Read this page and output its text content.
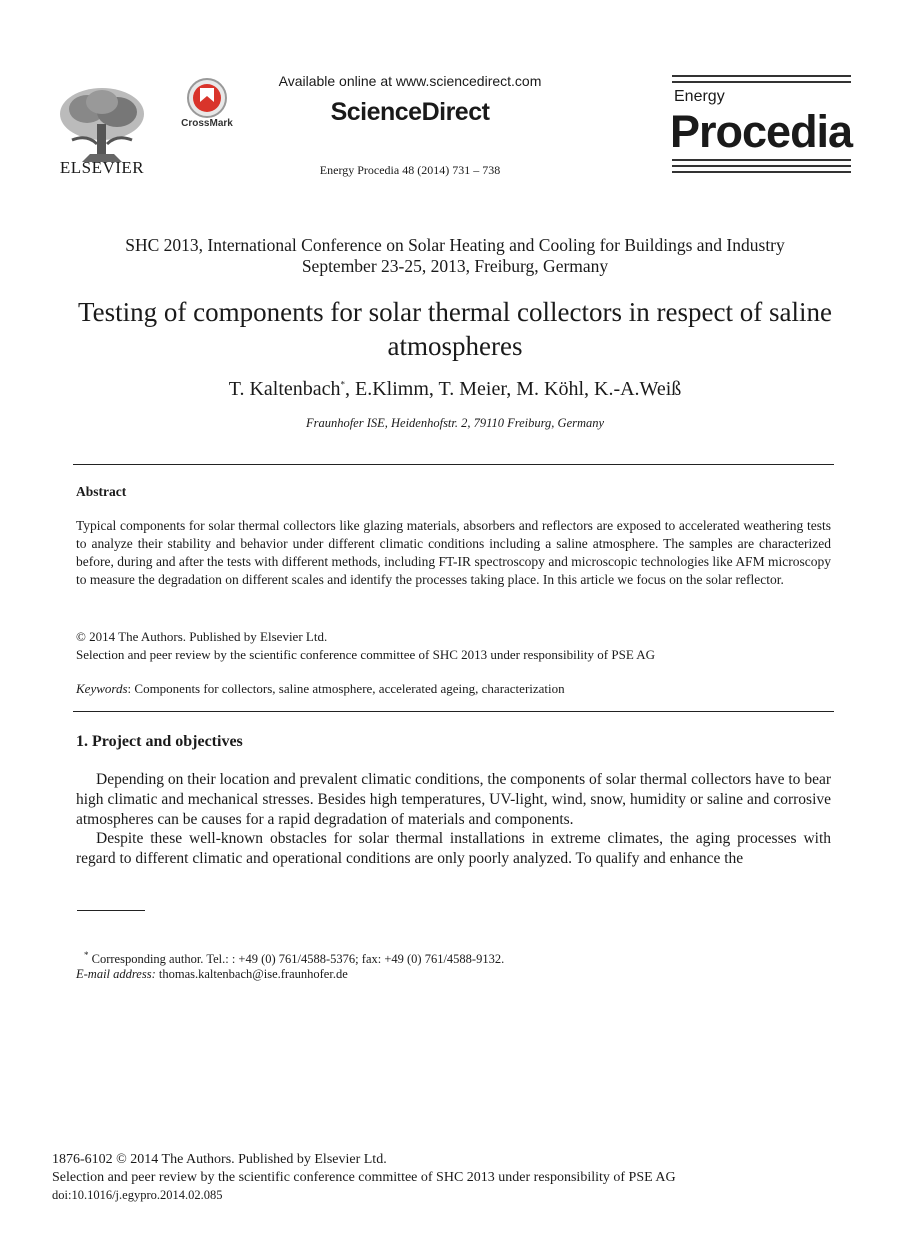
ELSEVIER
CrossMark
Available online at www.sciencedirect.com
ScienceDirect
Energy Procedia 48 (2014) 731 – 738
Energy
Procedia
SHC 2013, International Conference on Solar Heating and Cooling for Buildings and Industry
September 23-25, 2013, Freiburg, Germany
Testing of components for solar thermal collectors in respect of saline atmospheres
T. Kaltenbach*, E.Klimm, T. Meier, M. Köhl, K.-A.Weiß
Fraunhofer ISE, Heidenhofstr. 2, 79110 Freiburg, Germany
Abstract
Typical components for solar thermal collectors like glazing materials, absorbers and reflectors are exposed to accelerated weathering tests to analyze their stability and behavior under different climatic conditions including a saline atmosphere. The samples are characterized before, during and after the tests with different methods, including FT-IR spectroscopy and microscopic technologies like AFM microscopy to measure the degradation on different scales and identify the processes taking place. In this article we focus on the solar reflector.
© 2014 The Authors. Published by Elsevier Ltd.
Selection and peer review by the scientific conference committee of SHC 2013 under responsibility of PSE AG
Keywords: Components for collectors, saline atmosphere, accelerated ageing, characterization
1. Project and objectives
Depending on their location and prevalent climatic conditions, the components of solar thermal collectors have to bear high climatic and mechanical stresses. Besides high temperatures, UV-light, wind, snow, humidity or saline and corrosive atmospheres can be causes for a rapid degradation of materials and components.
Despite these well-known obstacles for solar thermal installations in extreme climates, the aging processes with regard to different climatic and operational conditions are only poorly analyzed. To qualify and enhance the
* Corresponding author. Tel.: : +49 (0) 761/4588-5376; fax: +49 (0) 761/4588-9132.
E-mail address: thomas.kaltenbach@ise.fraunhofer.de
1876-6102 © 2014 The Authors. Published by Elsevier Ltd.
Selection and peer review by the scientific conference committee of SHC 2013 under responsibility of PSE AG
doi:10.1016/j.egypro.2014.02.085
